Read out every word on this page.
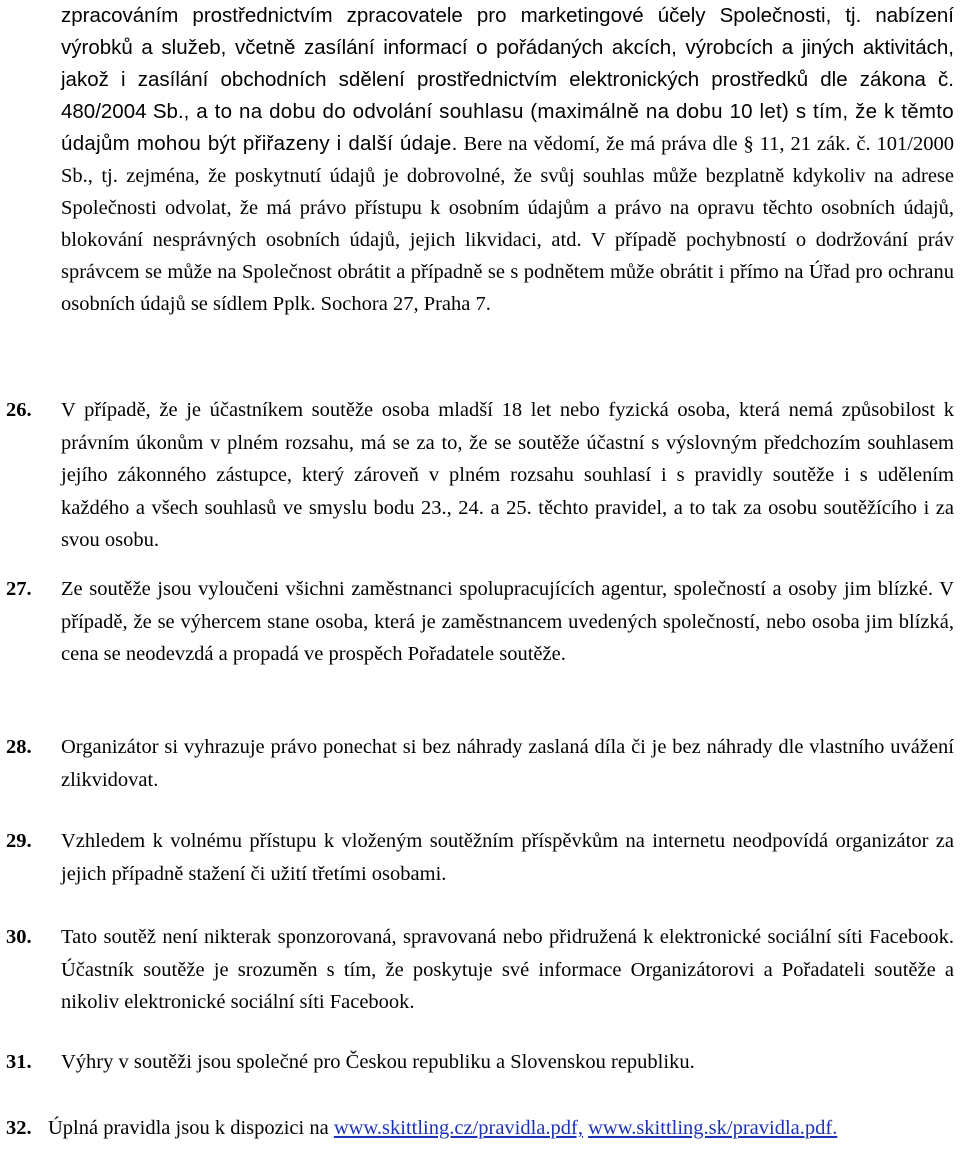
zpracováním prostřednictvím zpracovatele pro marketingové účely Společnosti, tj. nabízení výrobků a služeb, včetně zasílání informací o pořádaných akcích, výrobcích a jiných aktivitách, jakož i zasílání obchodních sdělení prostřednictvím elektronických prostředků dle zákona č. 480/2004 Sb., a to na dobu do odvolání souhlasu (maximálně na dobu 10 let) s tím, že k těmto údajům mohou být přiřazeny i další údaje. Bere na vědomí, že má práva dle § 11, 21 zák. č. 101/2000 Sb., tj. zejména, že poskytnutí údajů je dobrovolné, že svůj souhlas může bezplatně kdykoliv na adrese Společnosti odvolat, že má právo přístupu k osobním údajům a právo na opravu těchto osobních údajů, blokování nesprávných osobních údajů, jejich likvidaci, atd. V případě pochybností o dodržování práv správcem se může na Společnost obrátit a případně se s podnětem může obrátit i přímo na Úřad pro ochranu osobních údajů se sídlem Pplk. Sochora 27, Praha 7.
26. V případě, že je účastníkem soutěže osoba mladší 18 let nebo fyzická osoba, která nemá způsobilost k právním úkonům v plném rozsahu, má se za to, že se soutěže účastní s výslovným předchozím souhlasem jejího zákonného zástupce, který zároveň v plném rozsahu souhlasí i s pravidly soutěže i s udělením každého a všech souhlasů ve smyslu bodu 23., 24. a 25. těchto pravidel, a to tak za osobu soutěžícího i za svou osobu.
27. Ze soutěže jsou vyloučeni všichni zaměstnanci spolupracujících agentur, společností a osoby jim blízké. V případě, že se výhercem stane osoba, která je zaměstnancem uvedených společností, nebo osoba jim blízká, cena se neodevzdá a propadá ve prospěch Pořadatele soutěže.
28. Organizátor si vyhrazuje právo ponechat si bez náhrady zaslaná díla či je bez náhrady dle vlastního uvážení zlikvidovat.
29. Vzhledem k volnému přístupu k vloženým soutěžním příspěvkům na internetu neodpovídá organizátor za jejich případně stažení či užití třetími osobami.
30. Tato soutěž není nikterak sponzorovaná, spravovaná nebo přidružená k elektronické sociální síti Facebook. Účastník soutěže je srozuměn s tím, že poskytuje své informace Organizátorovi a Pořadateli soutěže a nikoliv elektronické sociální síti Facebook.
31. Výhry v soutěži jsou společné pro Českou republiku a Slovenskou republiku.
32. Úplná pravidla jsou k dispozici na www.skittling.cz/pravidla.pdf, www.skittling.sk/pravidla.pdf.
